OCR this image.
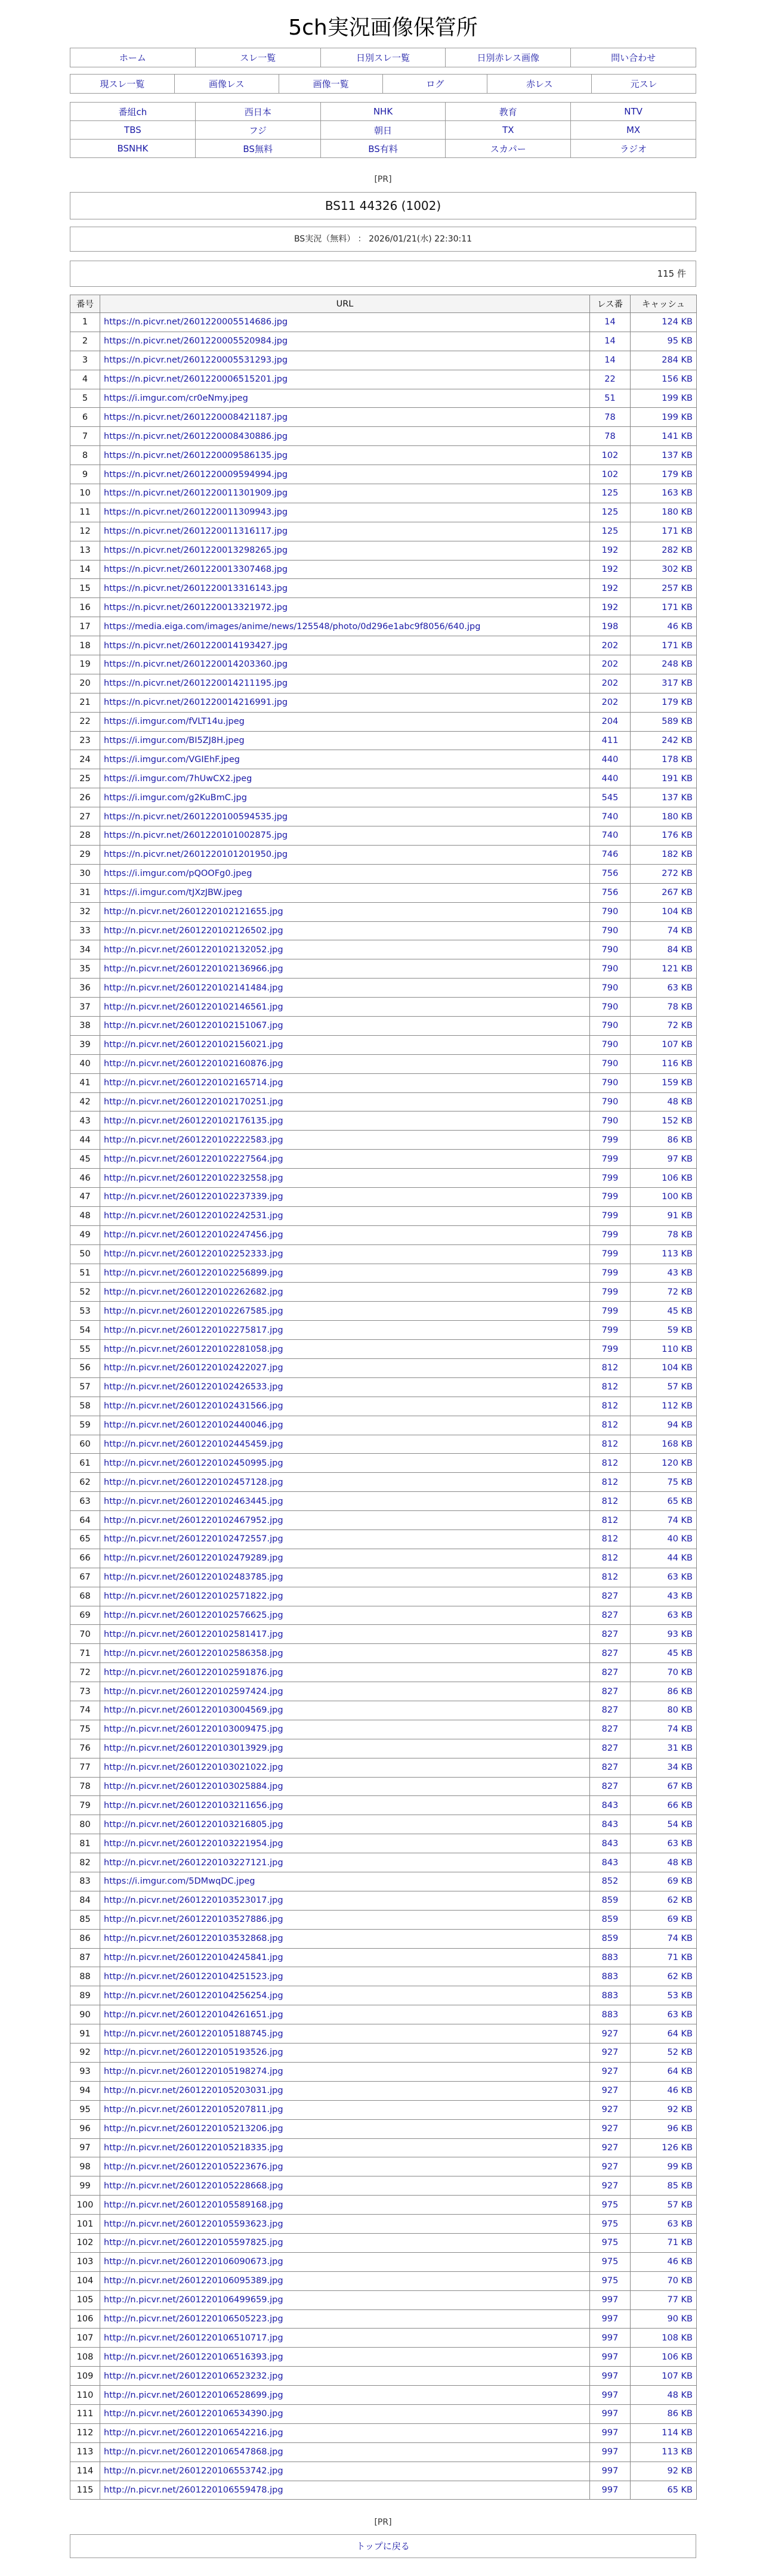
5ch実況画像保管所
ホーム	スレ一覧	日別スレ一覧	日別赤レス画像	問い合わせ
現スレ一覧	画像レス	画像一覧	ログ	赤レス	元スレ
番組ch	西日本	NHK	教育	NTV
TBS	フジ	朝日	TX	MX
BSNHK	BS無料	BS有料	スカパー	ラジオ
[PR]
BS11 44326 (1002)
BS実況（無料） ： 2026/01/21(水) 22:30:11
115 件
番号	URL	レス番	キャッシュ
1	https://n.picvr.net/2601220005514686.jpg	14	124 KB
2	https://n.picvr.net/2601220005520984.jpg	14	95 KB
3	https://n.picvr.net/2601220005531293.jpg	14	284 KB
4	https://n.picvr.net/2601220006515201.jpg	22	156 KB
5	https://i.imgur.com/cr0eNmy.jpeg	51	199 KB
6	https://n.picvr.net/2601220008421187.jpg	78	199 KB
7	https://n.picvr.net/2601220008430886.jpg	78	141 KB
8	https://n.picvr.net/2601220009586135.jpg	102	137 KB
9	https://n.picvr.net/2601220009594994.jpg	102	179 KB
10	https://n.picvr.net/2601220011301909.jpg	125	163 KB
11	https://n.picvr.net/2601220011309943.jpg	125	180 KB
12	https://n.picvr.net/2601220011316117.jpg	125	171 KB
13	https://n.picvr.net/2601220013298265.jpg	192	282 KB
14	https://n.picvr.net/2601220013307468.jpg	192	302 KB
15	https://n.picvr.net/2601220013316143.jpg	192	257 KB
16	https://n.picvr.net/2601220013321972.jpg	192	171 KB
17	https://media.eiga.com/images/anime/news/125548/photo/0d296e1abc9f8056/640.jpg	198	46 KB
18	https://n.picvr.net/2601220014193427.jpg	202	171 KB
19	https://n.picvr.net/2601220014203360.jpg	202	248 KB
20	https://n.picvr.net/2601220014211195.jpg	202	317 KB
21	https://n.picvr.net/2601220014216991.jpg	202	179 KB
22	https://i.imgur.com/fVLT14u.jpeg	204	589 KB
23	https://i.imgur.com/BI5ZJ8H.jpeg	411	242 KB
24	https://i.imgur.com/VGIEhF.jpeg	440	178 KB
25	https://i.imgur.com/7hUwCX2.jpeg	440	191 KB
26	https://i.imgur.com/g2KuBmC.jpg	545	137 KB
27	https://n.picvr.net/2601220100594535.jpg	740	180 KB
28	https://n.picvr.net/2601220101002875.jpg	740	176 KB
29	https://n.picvr.net/2601220101201950.jpg	746	182 KB
30	https://i.imgur.com/pQOOFg0.jpeg	756	272 KB
31	https://i.imgur.com/tJXzJBW.jpeg	756	267 KB
32	http://n.picvr.net/2601220102121655.jpg	790	104 KB
33	http://n.picvr.net/2601220102126502.jpg	790	74 KB
34	http://n.picvr.net/2601220102132052.jpg	790	84 KB
35	http://n.picvr.net/2601220102136966.jpg	790	121 KB
36	http://n.picvr.net/2601220102141484.jpg	790	63 KB
37	http://n.picvr.net/2601220102146561.jpg	790	78 KB
38	http://n.picvr.net/2601220102151067.jpg	790	72 KB
39	http://n.picvr.net/2601220102156021.jpg	790	107 KB
40	http://n.picvr.net/2601220102160876.jpg	790	116 KB
41	http://n.picvr.net/2601220102165714.jpg	790	159 KB
42	http://n.picvr.net/2601220102170251.jpg	790	48 KB
43	http://n.picvr.net/2601220102176135.jpg	790	152 KB
44	http://n.picvr.net/2601220102222583.jpg	799	86 KB
45	http://n.picvr.net/2601220102227564.jpg	799	97 KB
46	http://n.picvr.net/2601220102232558.jpg	799	106 KB
47	http://n.picvr.net/2601220102237339.jpg	799	100 KB
48	http://n.picvr.net/2601220102242531.jpg	799	91 KB
49	http://n.picvr.net/2601220102247456.jpg	799	78 KB
50	http://n.picvr.net/2601220102252333.jpg	799	113 KB
51	http://n.picvr.net/2601220102256899.jpg	799	43 KB
52	http://n.picvr.net/2601220102262682.jpg	799	72 KB
53	http://n.picvr.net/2601220102267585.jpg	799	45 KB
54	http://n.picvr.net/2601220102275817.jpg	799	59 KB
55	http://n.picvr.net/2601220102281058.jpg	799	110 KB
56	http://n.picvr.net/2601220102422027.jpg	812	104 KB
57	http://n.picvr.net/2601220102426533.jpg	812	57 KB
58	http://n.picvr.net/2601220102431566.jpg	812	112 KB
59	http://n.picvr.net/2601220102440046.jpg	812	94 KB
60	http://n.picvr.net/2601220102445459.jpg	812	168 KB
61	http://n.picvr.net/2601220102450995.jpg	812	120 KB
62	http://n.picvr.net/2601220102457128.jpg	812	75 KB
63	http://n.picvr.net/2601220102463445.jpg	812	65 KB
64	http://n.picvr.net/2601220102467952.jpg	812	74 KB
65	http://n.picvr.net/2601220102472557.jpg	812	40 KB
66	http://n.picvr.net/2601220102479289.jpg	812	44 KB
67	http://n.picvr.net/2601220102483785.jpg	812	63 KB
68	http://n.picvr.net/2601220102571822.jpg	827	43 KB
69	http://n.picvr.net/2601220102576625.jpg	827	63 KB
70	http://n.picvr.net/2601220102581417.jpg	827	93 KB
71	http://n.picvr.net/2601220102586358.jpg	827	45 KB
72	http://n.picvr.net/2601220102591876.jpg	827	70 KB
73	http://n.picvr.net/2601220102597424.jpg	827	86 KB
74	http://n.picvr.net/2601220103004569.jpg	827	80 KB
75	http://n.picvr.net/2601220103009475.jpg	827	74 KB
76	http://n.picvr.net/2601220103013929.jpg	827	31 KB
77	http://n.picvr.net/2601220103021022.jpg	827	34 KB
78	http://n.picvr.net/2601220103025884.jpg	827	67 KB
79	http://n.picvr.net/2601220103211656.jpg	843	66 KB
80	http://n.picvr.net/2601220103216805.jpg	843	54 KB
81	http://n.picvr.net/2601220103221954.jpg	843	63 KB
82	http://n.picvr.net/2601220103227121.jpg	843	48 KB
83	https://i.imgur.com/5DMwqDC.jpeg	852	69 KB
84	http://n.picvr.net/2601220103523017.jpg	859	62 KB
85	http://n.picvr.net/2601220103527886.jpg	859	69 KB
86	http://n.picvr.net/2601220103532868.jpg	859	74 KB
87	http://n.picvr.net/2601220104245841.jpg	883	71 KB
88	http://n.picvr.net/2601220104251523.jpg	883	62 KB
89	http://n.picvr.net/2601220104256254.jpg	883	53 KB
90	http://n.picvr.net/2601220104261651.jpg	883	63 KB
91	http://n.picvr.net/2601220105188745.jpg	927	64 KB
92	http://n.picvr.net/2601220105193526.jpg	927	52 KB
93	http://n.picvr.net/2601220105198274.jpg	927	64 KB
94	http://n.picvr.net/2601220105203031.jpg	927	46 KB
95	http://n.picvr.net/2601220105207811.jpg	927	92 KB
96	http://n.picvr.net/2601220105213206.jpg	927	96 KB
97	http://n.picvr.net/2601220105218335.jpg	927	126 KB
98	http://n.picvr.net/2601220105223676.jpg	927	99 KB
99	http://n.picvr.net/2601220105228668.jpg	927	85 KB
100	http://n.picvr.net/2601220105589168.jpg	975	57 KB
101	http://n.picvr.net/2601220105593623.jpg	975	63 KB
102	http://n.picvr.net/2601220105597825.jpg	975	71 KB
103	http://n.picvr.net/2601220106090673.jpg	975	46 KB
104	http://n.picvr.net/2601220106095389.jpg	975	70 KB
105	http://n.picvr.net/2601220106499659.jpg	997	77 KB
106	http://n.picvr.net/2601220106505223.jpg	997	90 KB
107	http://n.picvr.net/2601220106510717.jpg	997	108 KB
108	http://n.picvr.net/2601220106516393.jpg	997	106 KB
109	http://n.picvr.net/2601220106523232.jpg	997	107 KB
110	http://n.picvr.net/2601220106528699.jpg	997	48 KB
111	http://n.picvr.net/2601220106534390.jpg	997	86 KB
112	http://n.picvr.net/2601220106542216.jpg	997	114 KB
113	http://n.picvr.net/2601220106547868.jpg	997	113 KB
114	http://n.picvr.net/2601220106553742.jpg	997	92 KB
115	http://n.picvr.net/2601220106559478.jpg	997	65 KB
[PR]
トップに戻る
